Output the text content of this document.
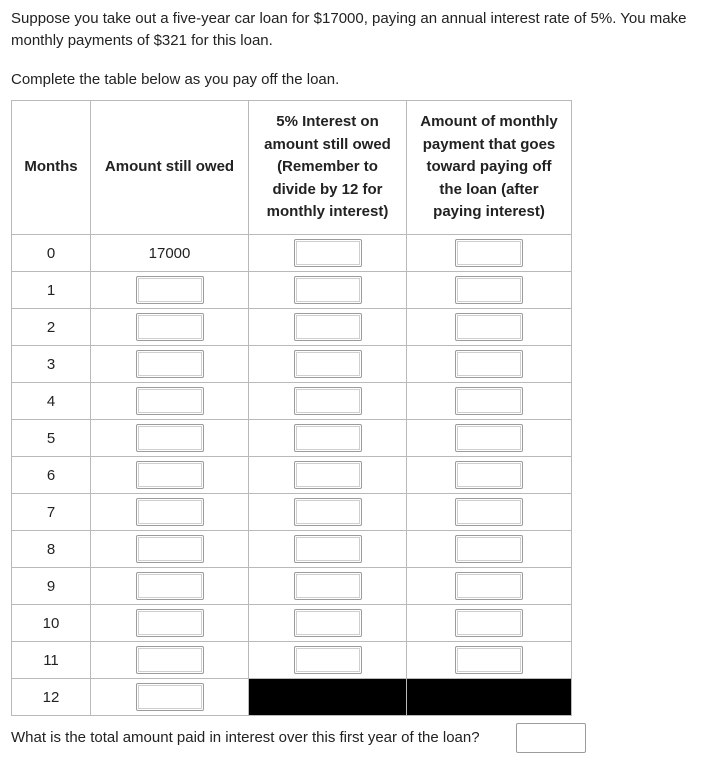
Suppose you take out a five-year car loan for $17000, paying an annual interest rate of 5%. You make monthly payments of $321 for this loan.
Complete the table below as you pay off the loan.
Months	Amount still owed	5% Interest on amount still owed (Remember to divide by 12 for monthly interest)	Amount of monthly payment that goes toward paying off the loan (after paying interest)
0	17000		
1			
2			
3			
4			
5			
6			
7			
8			
9			
10			
11			
12			
What is the total amount paid in interest over this first year of the loan?
